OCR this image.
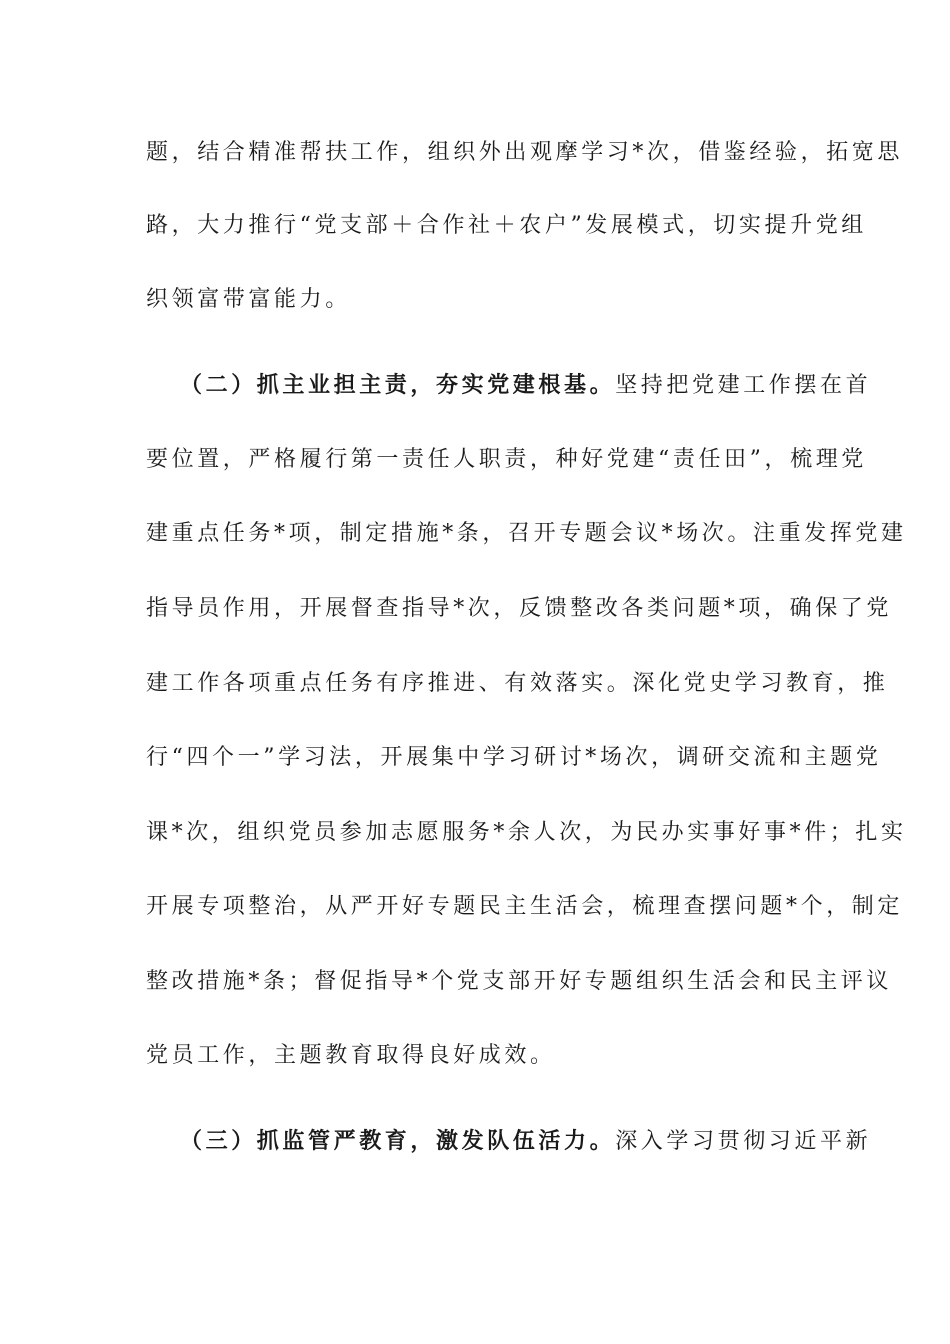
题，结合精准帮扶工作，组织外出观摩学习*次，借鉴经验，拓宽思
路，大力推行“党支部＋合作社＋农户”发展模式，切实提升党组
织领富带富能力。
（二）抓主业担主责，夯实党建根基。坚持把党建工作摆在首
要位置，严格履行第一责任人职责，种好党建“责任田”，梳理党
建重点任务*项，制定措施*条，召开专题会议*场次。注重发挥党建
指导员作用，开展督查指导*次，反馈整改各类问题*项，确保了党
建工作各项重点任务有序推进、有效落实。深化党史学习教育，推
行“四个一”学习法，开展集中学习研讨*场次，调研交流和主题党
课*次，组织党员参加志愿服务*余人次，为民办实事好事*件；扎实
开展专项整治，从严开好专题民主生活会，梳理查摆问题*个，制定
整改措施*条；督促指导*个党支部开好专题组织生活会和民主评议
党员工作，主题教育取得良好成效。
（三）抓监管严教育，激发队伍活力。深入学习贯彻习近平新
